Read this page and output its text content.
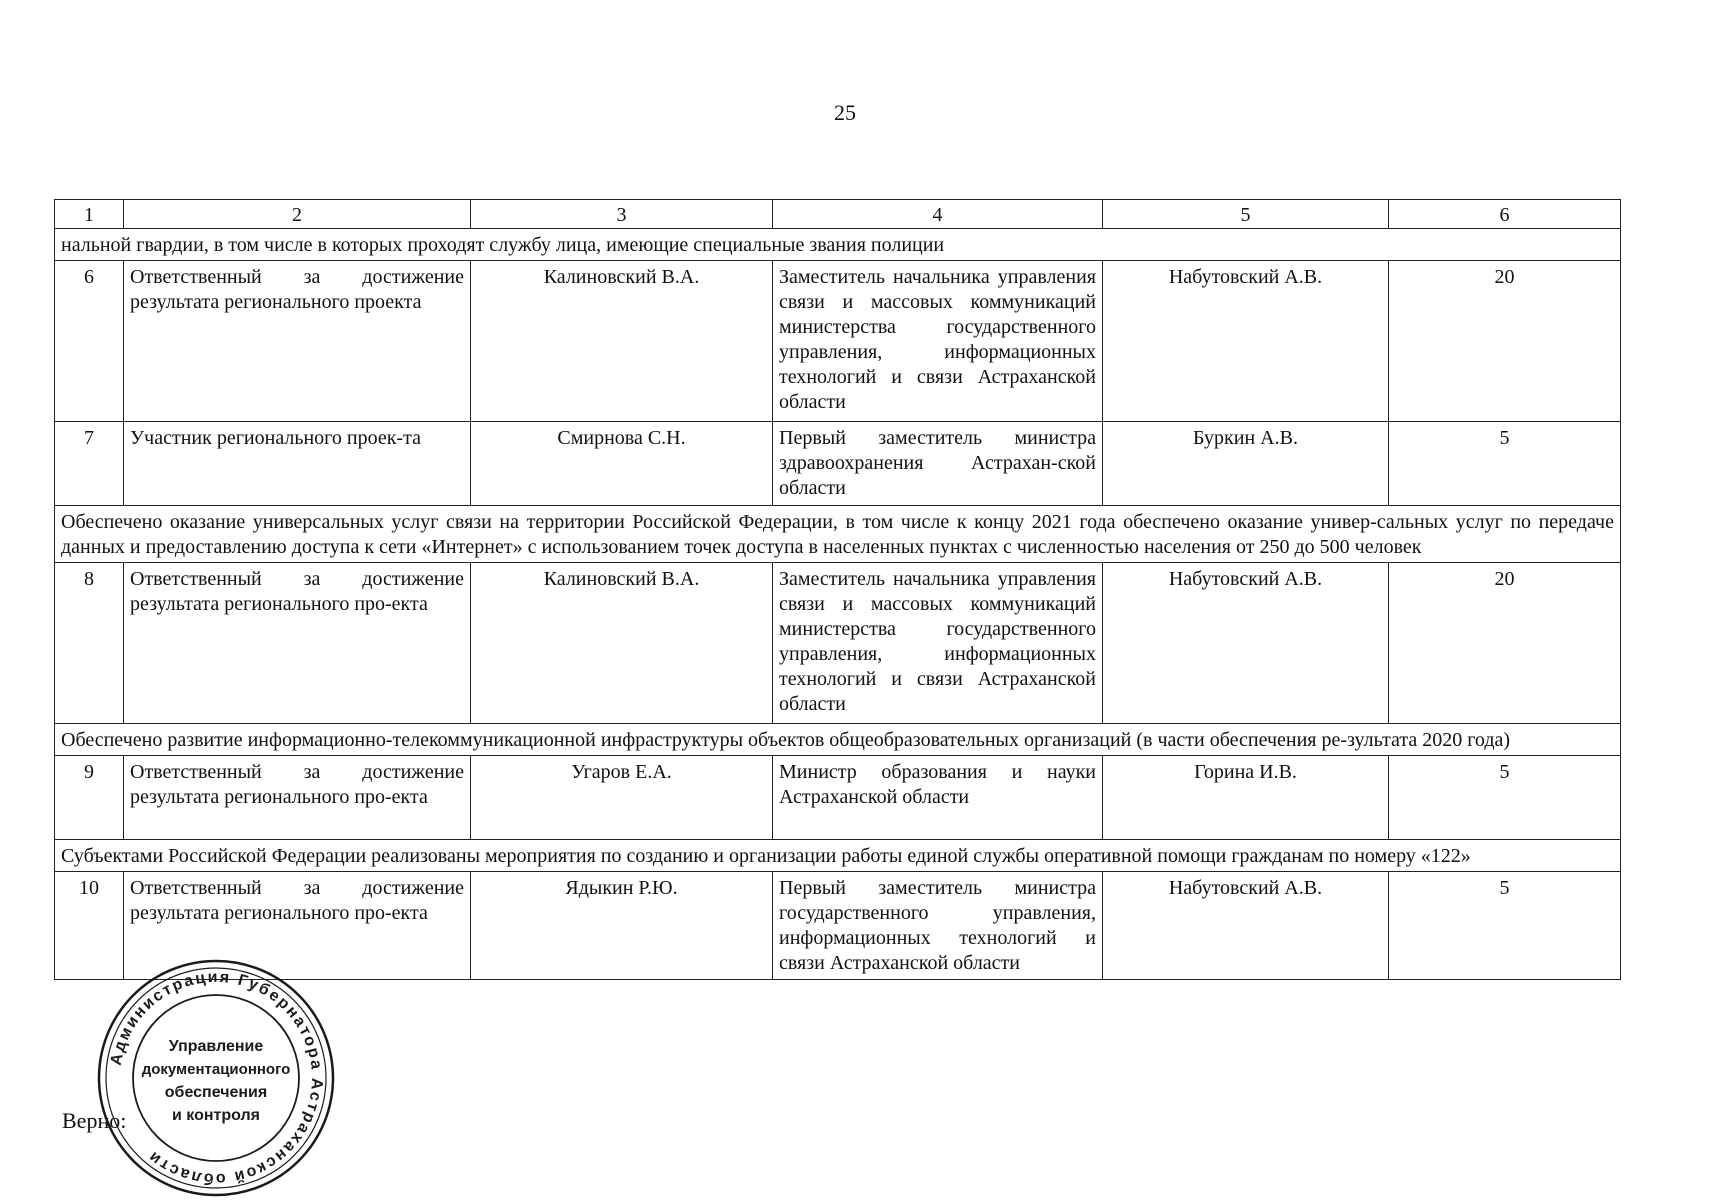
25
1	2	3	4	5	6
нальной гвардии, в том числе в которых проходят службу лица, имеющие специальные звания полиции					
6	Ответственный за достижение результата регионального проекта	Калиновский В.А.	Заместитель начальника управления связи и массовых коммуникаций министерства государственного управления, информационных технологий и связи Астраханской области	Набутовский А.В.	20
7	Участник регионального проек-та	Смирнова С.Н.	Первый заместитель министра здравоохранения Астрахан-ской области	Буркин А.В.	5
Обеспечено оказание универсальных услуг связи на территории Российской Федерации, в том числе к концу 2021 года обеспечено оказание универ-сальных услуг по передаче данных и предоставлению доступа к сети «Интернет» с использованием точек доступа в населенных пунктах с численностью населения от 250 до 500 человек					
8	Ответственный за достижение результата регионального про-екта	Калиновский В.А.	Заместитель начальника управления связи и массовых коммуникаций министерства государственного управления, информационных технологий и связи Астраханской области	Набутовский А.В.	20
Обеспечено развитие информационно-телекоммуникационной инфраструктуры объектов общеобразовательных организаций (в части обеспечения ре-зультата 2020 года)					
9	Ответственный за достижение результата регионального про-екта	Угаров Е.А.	Министр образования и науки Астраханской области	Горина И.В.	5
Субъектами Российской Федерации реализованы мероприятия по созданию и организации работы единой службы оперативной помощи гражданам по номеру «122»					
10	Ответственный за достижение результата регионального про-екта	Ядыкин Р.Ю.	Первый заместитель министра государственного управления, информационных технологий и связи Астраханской области	Набутовский А.В.	5
Верно:
Администрация Губернатора Астраханской области
Управление
документационного
обеспечения
и контроля
